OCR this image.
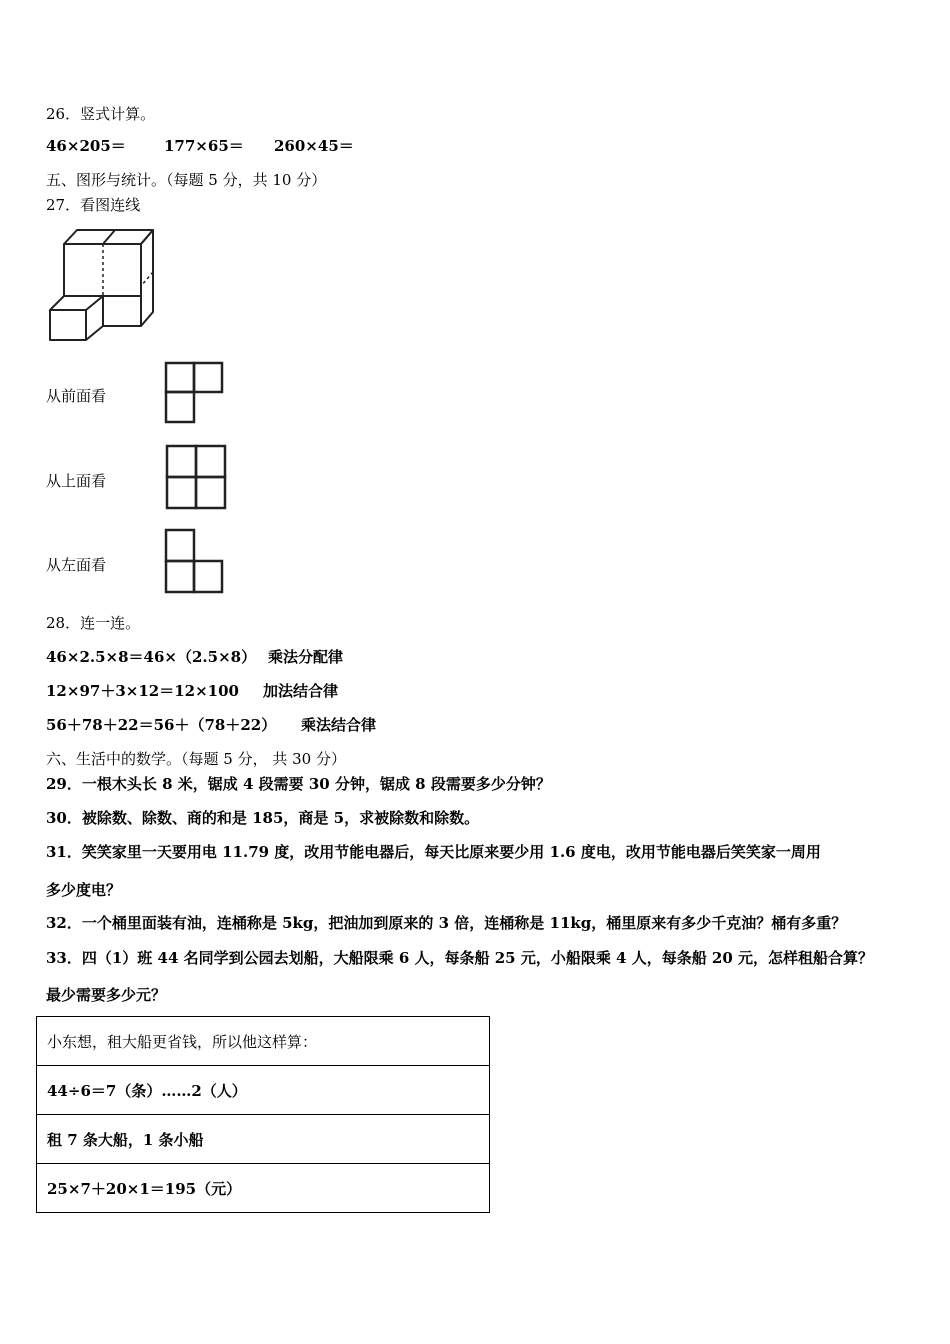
26．竖式计算。
46×205＝	177×65＝ 260×45＝
五、图形与统计。（每题 5 分，共 10 分）
27．看图连线
从前面看
从上面看
从左面看
28．连一连。
46×2.5×8＝46×（2.5×8） 乘法分配律
12×97＋3×12＝12×100 加法结合律
56＋78＋22＝56＋（78＋22） 乘法结合律
六、生活中的数学。（每题 5 分， 共 30 分）
29．一根木头长 8 米，锯成 4 段需要 30 分钟，锯成 8 段需要多少分钟？
30．被除数、除数、商的和是 185，商是 5，求被除数和除数。
31．笑笑家里一天要用电 11.79 度，改用节能电器后，每天比原来要少用 1.6 度电，改用节能电器后笑笑家一周用
多少度电？
32．一个桶里面装有油，连桶称是 5kg，把油加到原来的 3 倍，连桶称是 11kg，桶里原来有多少千克油？桶有多重？
33．四（1）班 44 名同学到公园去划船，大船限乘 6 人，每条船 25 元，小船限乘 4 人，每条船 20 元，怎样租船合算？
最少需要多少元？
小东想，租大船更省钱，所以他这样算：
44÷6＝7（条）……2（人）
租 7 条大船，1 条小船
25×7＋20×1＝195（元）
